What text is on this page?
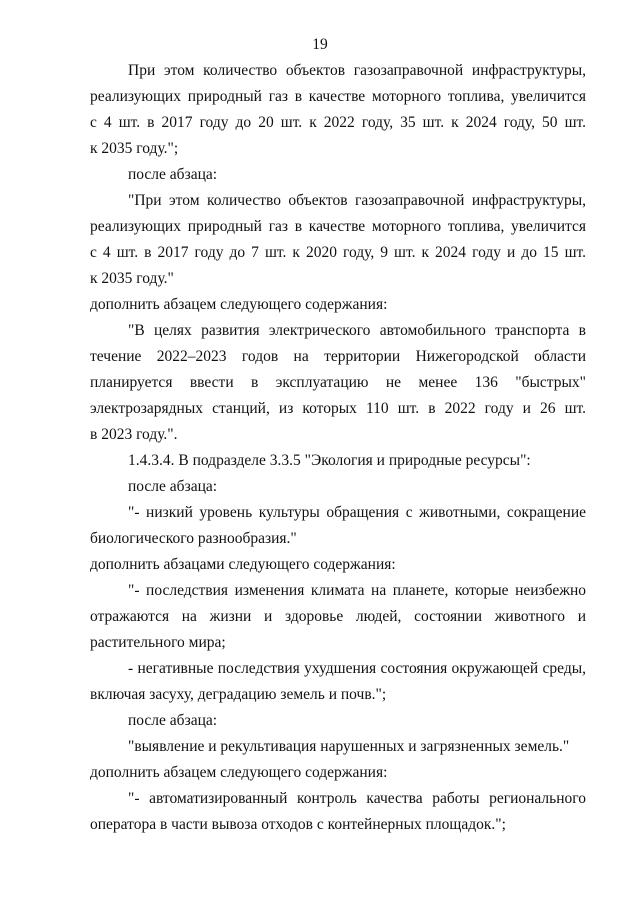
19
При этом количество объектов газозаправочной инфраструктуры,
реализующих природный газ в качестве моторного топлива, увеличится
с 4 шт. в 2017 году до 20 шт. к 2022 году, 35 шт. к 2024 году, 50 шт.
к 2035 году.";
после абзаца:
"При этом количество объектов газозаправочной инфраструктуры,
реализующих природный газ в качестве моторного топлива, увеличится
с 4 шт. в 2017 году до 7 шт. к 2020 году, 9 шт. к 2024 году и до 15 шт.
к 2035 году."
дополнить абзацем следующего содержания:
"В целях развития электрического автомобильного транспорта в
течение 2022–2023 годов на территории Нижегородской области
планируется ввести в эксплуатацию не менее 136 "быстрых"
электрозарядных станций, из которых 110 шт. в 2022 году и 26 шт.
в 2023 году.".
1.4.3.4. В подразделе 3.3.5 "Экология и природные ресурсы":
после абзаца:
"- низкий уровень культуры обращения с животными, сокращение
биологического разнообразия."
дополнить абзацами следующего содержания:
"- последствия изменения климата на планете, которые неизбежно
отражаются на жизни и здоровье людей, состоянии животного и
растительного мира;
- негативные последствия ухудшения состояния окружающей среды,
включая засуху, деградацию земель и почв.";
после абзаца:
"выявление и рекультивация нарушенных и загрязненных земель."
дополнить абзацем следующего содержания:
"- автоматизированный контроль качества работы регионального
оператора в части вывоза отходов с контейнерных площадок.";
